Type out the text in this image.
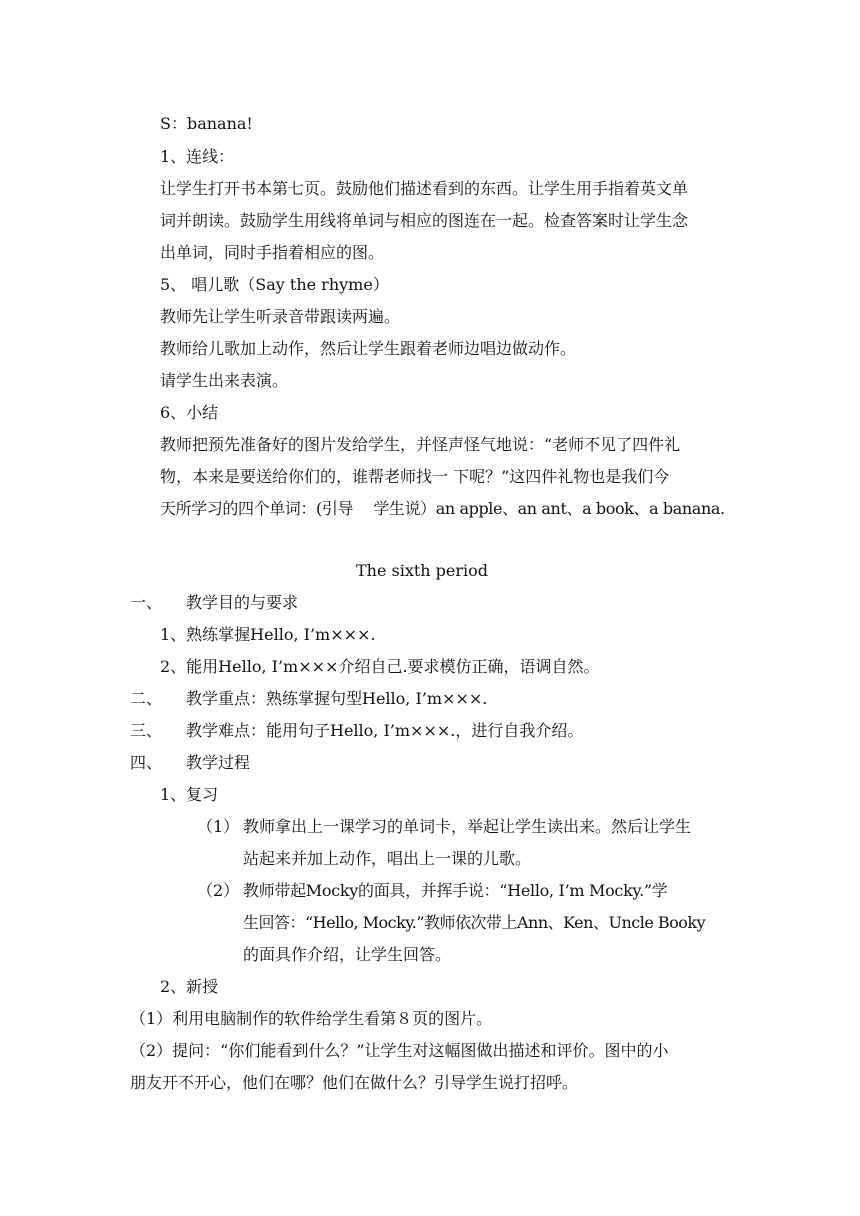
S：banana!
1、连线：
让学生打开书本第七页。鼓励他们描述看到的东西。让学生用手指着英文单
词并朗读。鼓励学生用线将单词与相应的图连在一起。检查答案时让学生念
出单词，同时手指着相应的图。
5、 唱儿歌（Say the rhyme）
教师先让学生听录音带跟读两遍。
教师给儿歌加上动作，然后让学生跟着老师边唱边做动作。
请学生出来表演。
6、小结
教师把预先准备好的图片发给学生，并怪声怪气地说：“老师不见了四件礼
物，本来是要送给你们的，谁帮老师找一 下呢？”这四件礼物也是我们今
天所学习的四个单词：(引导　 学生说）an apple、an ant、a book、a banana.
The sixth period
一、　　教学目的与要求
1、熟练掌握Hello, I’m×××.
2、能用Hello, I’m×××介绍自己.要求模仿正确，语调自然。
二、　　教学重点：熟练掌握句型Hello, I’m×××.
三、　　教学难点：能用句子Hello, I’m×××.，进行自我介绍。
四、　　教学过程
1、复习
（1） 教师拿出上一课学习的单词卡，举起让学生读出来。然后让学生
站起来并加上动作，唱出上一课的儿歌。
（2） 教师带起Mocky的面具，并挥手说：“Hello, I’m Mocky.”学
生回答：“Hello, Mocky.”教师依次带上Ann、Ken、Uncle Booky
的面具作介绍，让学生回答。
2、新授
（1）利用电脑制作的软件给学生看第８页的图片。
（2）提问：“你们能看到什么？”让学生对这幅图做出描述和评价。图中的小
朋友开不开心，他们在哪？他们在做什么？引导学生说打招呼。
